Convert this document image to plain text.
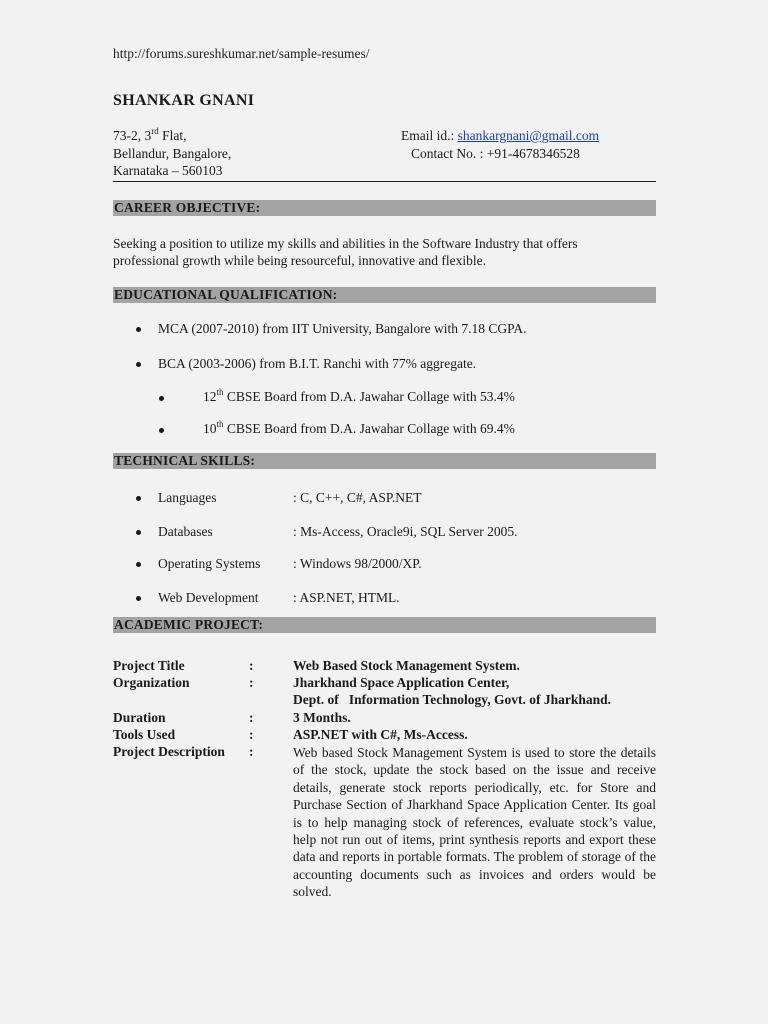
http://forums.sureshkumar.net/sample-resumes/
SHANKAR GNANI
73-2, 3rd Flat,
Bellandur, Bangalore,
Karnataka – 560103
Email id.: shankargnani@gmail.com
Contact No. : +91-4678346528
CAREER OBJECTIVE:
Seeking a position to utilize my skills and abilities in the Software Industry that offers professional growth while being resourceful, innovative and flexible.
EDUCATIONAL QUALIFICATION:
MCA (2007-2010) from IIT University, Bangalore with 7.18 CGPA.
BCA (2003-2006) from B.I.T. Ranchi with 77% aggregate.
12th CBSE Board from D.A. Jawahar Collage with 53.4%
10th CBSE Board from D.A. Jawahar Collage with 69.4%
TECHNICAL SKILLS:
Languages	: C, C++, C#, ASP.NET
Databases	: Ms-Access, Oracle9i, SQL Server 2005.
Operating Systems : Windows 98/2000/XP.
Web Development	: ASP.NET, HTML.
ACADEMIC PROJECT:
Project Title	:	Web Based Stock Management System.
Organization	:	Jharkhand Space Application Center,
Dept. of   Information Technology, Govt. of Jharkhand.
Duration	:	3 Months.
Tools Used	:	ASP.NET with C#, Ms-Access.
Project Description :	Web based Stock Management System is used to store the details of the stock, update the stock based on the issue and receive details, generate stock reports periodically, etc. for Store and Purchase Section of Jharkhand Space Application Center. Its goal is to help managing stock of references, evaluate stock’s value, help not run out of items, print synthesis reports and export these data and reports in portable formats. The problem of storage of the accounting documents such as invoices and orders would be solved.
